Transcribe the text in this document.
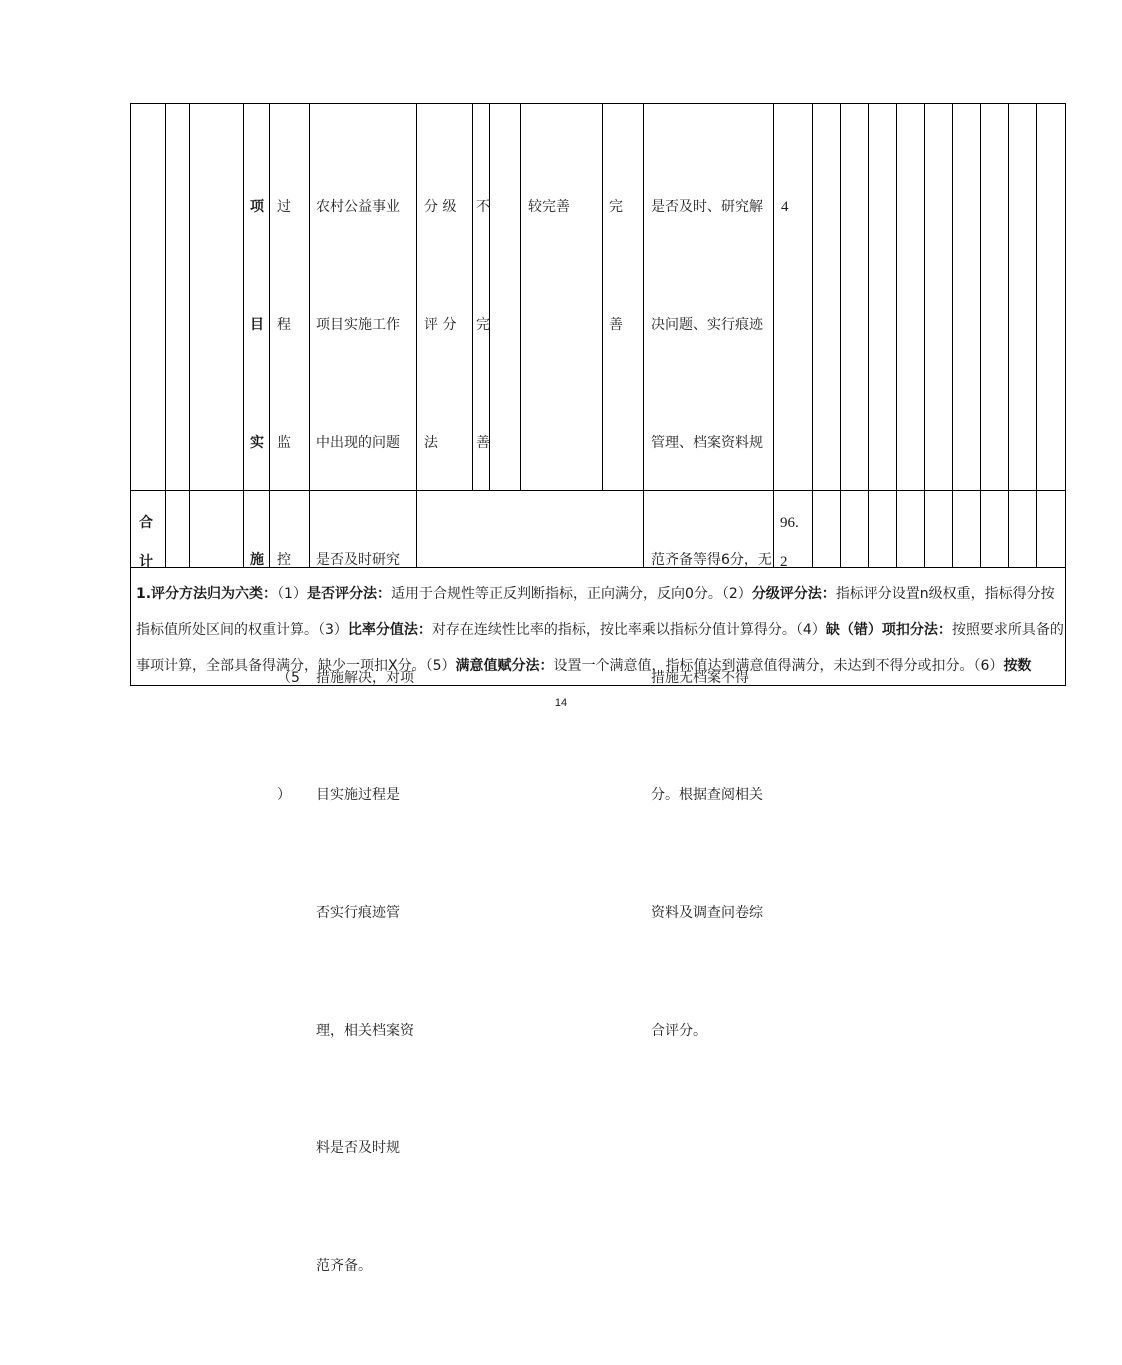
项

目

实

施

过

程

监

控

（5

）

农村公益事业

项目实施工作

中出现的问题

是否及时研究

措施解决，对项

目实施过程是

否实行痕迹管

理，相关档案资

料是否及时规

范齐备。

分 级

评 分

法

不

完

善

较完善

	完

善

是否及时、研究解

决问题、实行痕迹

管理、档案资料规

范齐备等得6分，无

措施无档案不得

分。根据查阅相关

资料及调查问卷综

合评分。

4

合
计
96.
2
1.评分方法归为六类：（1）是否评分法：适用于合规性等正反判断指标，正向满分，反向0分。（2）分级评分法：指标评分设置n级权重，指标得分按指标值所处区间的权重计算。（3）比率分值法：对存在连续性比率的指标，按比率乘以指标分值计算得分。（4）缺（错）项扣分法：按照要求所具备的事项计算，全部具备得满分，缺少一项扣X分。（5）满意值赋分法：设置一个满意值，指标值达到满意值得满分，未达到不得分或扣分。（6）按数
14
